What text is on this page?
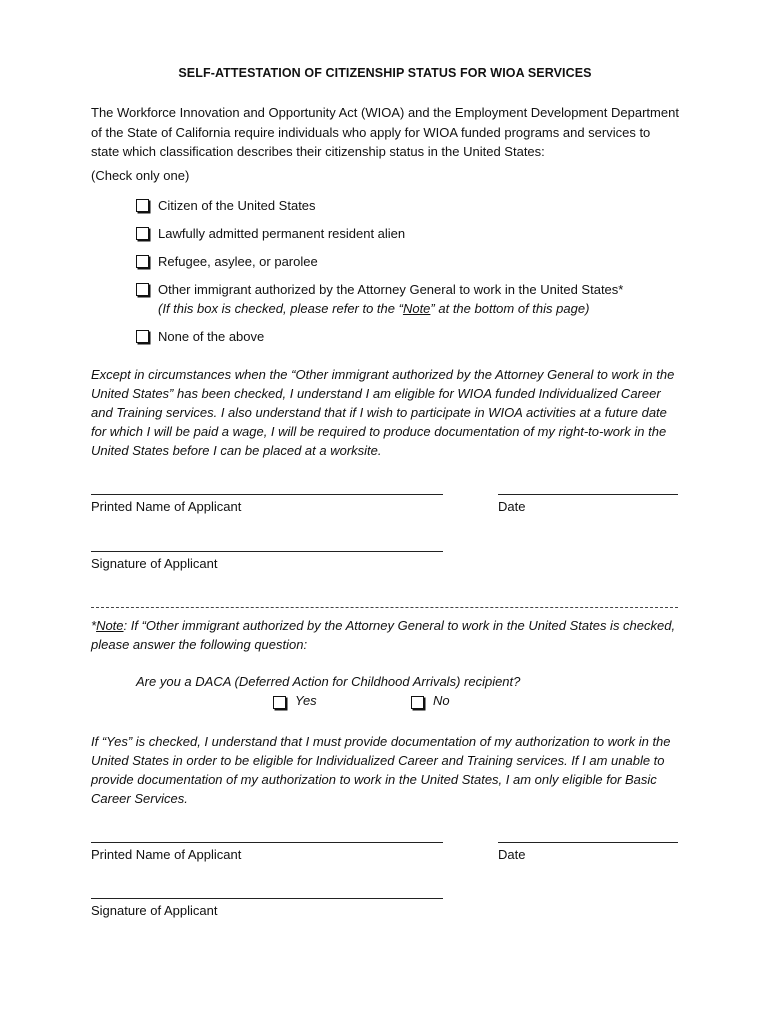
SELF-ATTESTATION OF CITIZENSHIP STATUS FOR WIOA SERVICES
The Workforce Innovation and Opportunity Act (WIOA) and the Employment Development Department of the State of California require individuals who apply for WIOA funded programs and services to state which classification describes their citizenship status in the United States:
(Check only one)
Citizen of the United States
Lawfully admitted permanent resident alien
Refugee, asylee, or parolee
Other immigrant authorized by the Attorney General to work in the United States*
(If this box is checked, please refer to the “Note” at the bottom of this page)
None of the above
Except in circumstances when the “Other immigrant authorized by the Attorney General to work in the United States” has been checked, I understand I am eligible for WIOA funded Individualized Career and Training services. I also understand that if I wish to participate in WIOA activities at a future date for which I will be paid a wage, I will be required to produce documentation of my right-to-work in the United States before I can be placed at a worksite.
Printed Name of Applicant	Date
Signature of Applicant
*Note: If “Other immigrant authorized by the Attorney General to work in the United States is checked, please answer the following question:
Are you a DACA (Deferred Action for Childhood Arrivals) recipient?
Yes	No
If “Yes” is checked, I understand that I must provide documentation of my authorization to work in the United States in order to be eligible for Individualized Career and Training services. If I am unable to provide documentation of my authorization to work in the United States, I am only eligible for Basic Career Services.
Printed Name of Applicant	Date
Signature of Applicant
